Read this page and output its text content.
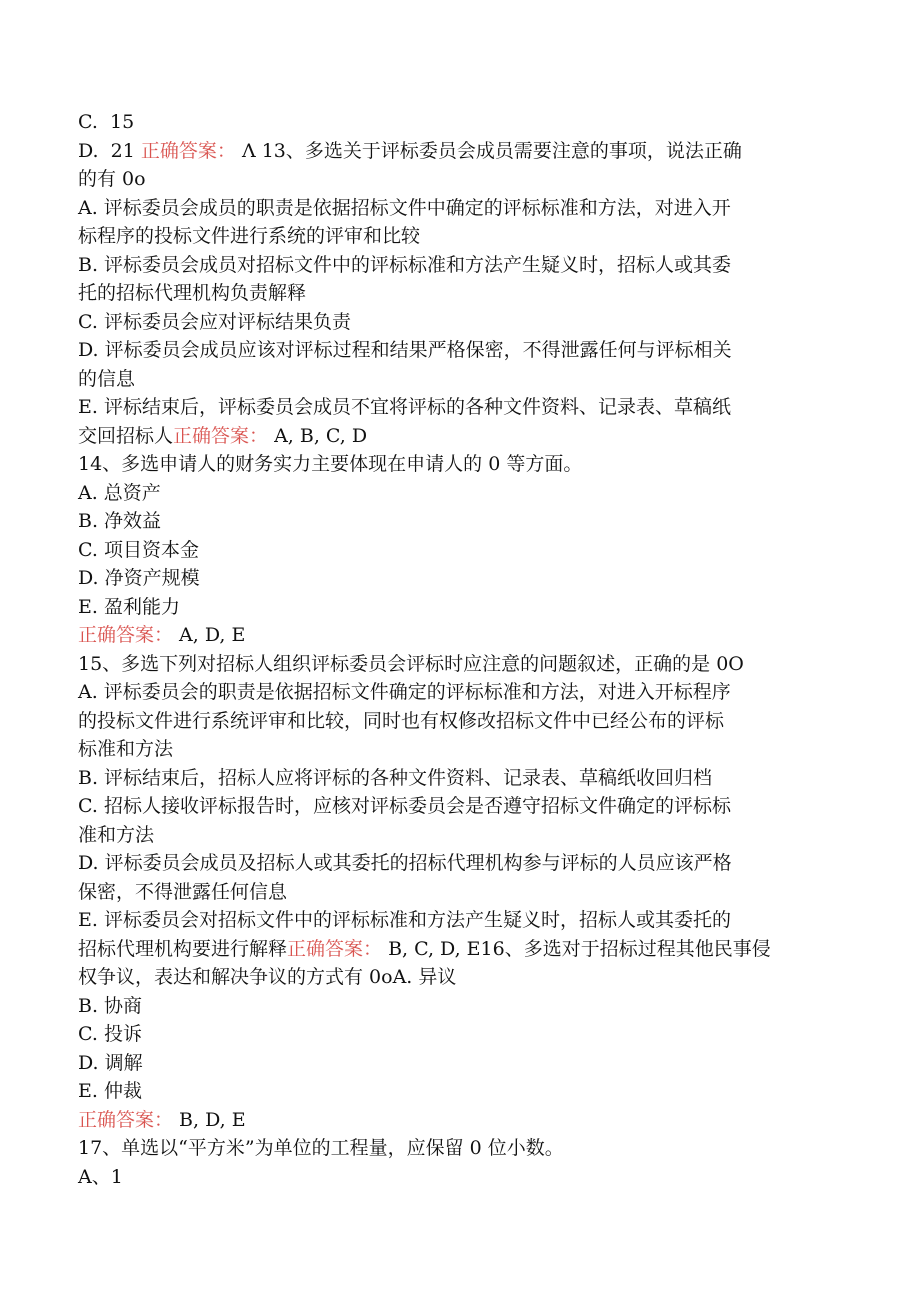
C.  15
D.  21 正确答案： Λ 13、多选关于评标委员会成员需要注意的事项，说法正确
的有 0o
A. 评标委员会成员的职责是依据招标文件中确定的评标标准和方法，对进入开
标程序的投标文件进行系统的评审和比较
B. 评标委员会成员对招标文件中的评标标准和方法产生疑义时，招标人或其委
托的招标代理机构负责解释
C. 评标委员会应对评标结果负责
D. 评标委员会成员应该对评标过程和结果严格保密，不得泄露任何与评标相关
的信息
E. 评标结束后，评标委员会成员不宜将评标的各种文件资料、记录表、草稿纸
交回招标人正确答案： A, B, C, D
14、多选申请人的财务实力主要体现在申请人的 0 等方面。
A. 总资产
B. 净效益
C. 项目资本金
D. 净资产规模
E. 盈利能力
正确答案： A, D, E
15、多选下列对招标人组织评标委员会评标时应注意的问题叙述，正确的是 0O
A. 评标委员会的职责是依据招标文件确定的评标标准和方法，对进入开标程序
的投标文件进行系统评审和比较，同时也有权修改招标文件中已经公布的评标
标准和方法
B. 评标结束后，招标人应将评标的各种文件资料、记录表、草稿纸收回归档
C. 招标人接收评标报告时，应核对评标委员会是否遵守招标文件确定的评标标
准和方法
D. 评标委员会成员及招标人或其委托的招标代理机构参与评标的人员应该严格
保密，不得泄露任何信息
E. 评标委员会对招标文件中的评标标准和方法产生疑义时，招标人或其委托的
招标代理机构要进行解释正确答案： B, C, D, E16、多选对于招标过程其他民事侵
权争议，表达和解决争议的方式有 0oA. 异议
B. 协商
C. 投诉
D. 调解
E. 仲裁
正确答案： B, D, E
17、单选以“平方米”为单位的工程量，应保留 0 位小数。
A、1
